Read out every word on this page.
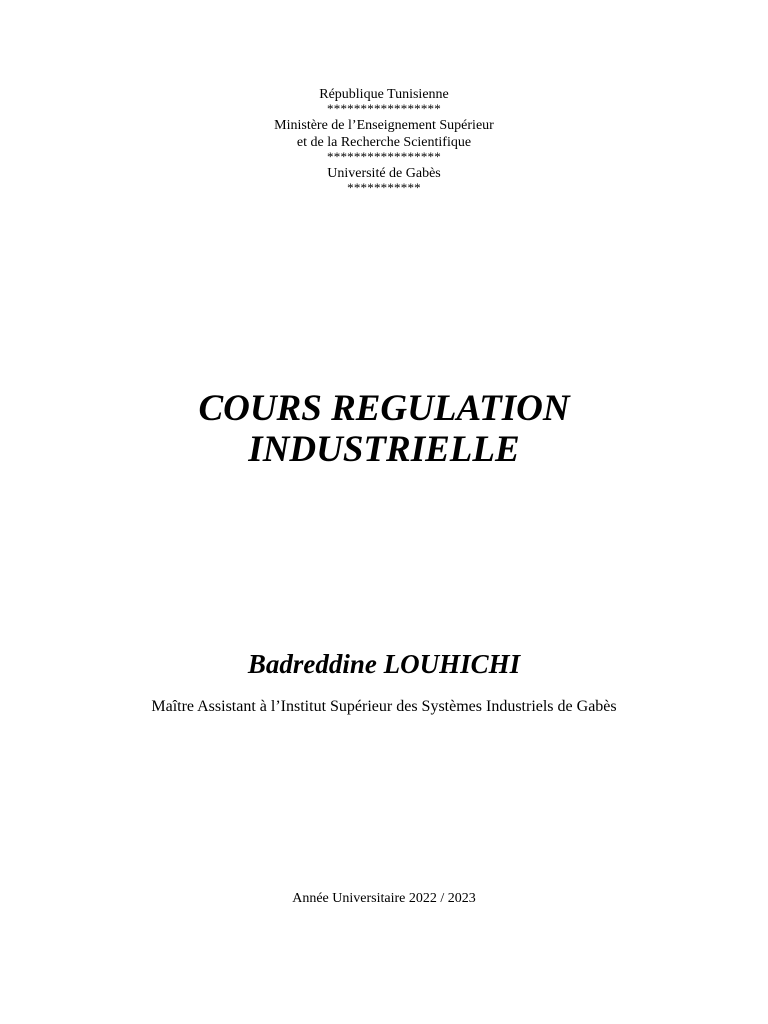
République Tunisienne
*****************
Ministère de l’Enseignement Supérieur
et de la Recherche Scientifique
*****************
Université de Gabès
***********
COURS REGULATION
INDUSTRIELLE
Badreddine LOUHICHI
Maître Assistant à l’Institut Supérieur des Systèmes Industriels de Gabès
Année Universitaire 2022 / 2023
